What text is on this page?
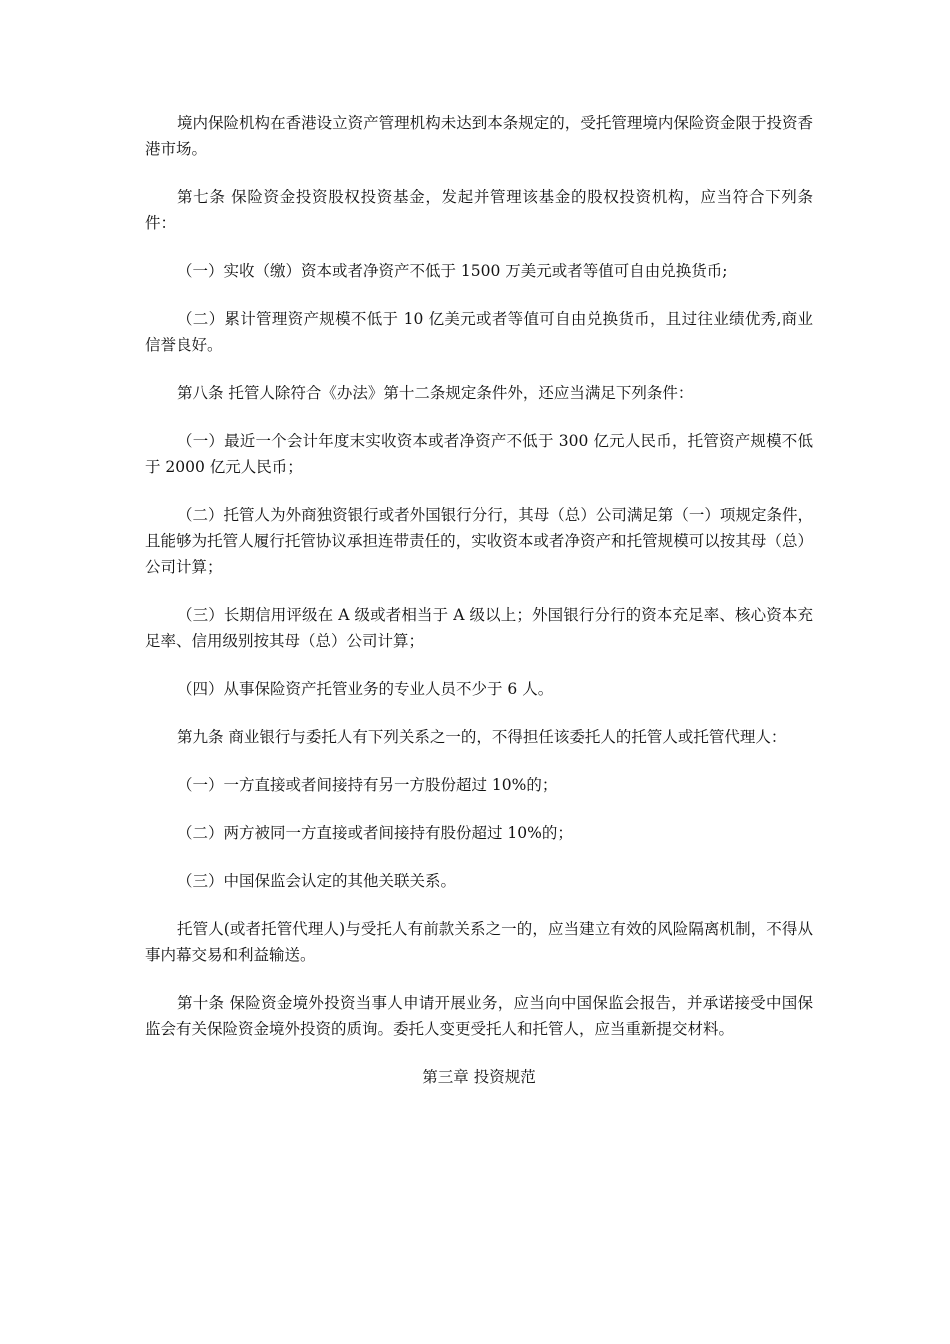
境内保险机构在香港设立资产管理机构未达到本条规定的，受托管理境内保险资金限于投资香港市场。

第七条 保险资金投资股权投资基金，发起并管理该基金的股权投资机构，应当符合下列条件：

（一）实收（缴）资本或者净资产不低于 1500 万美元或者等值可自由兑换货币;

（二）累计管理资产规模不低于 10 亿美元或者等值可自由兑换货币，且过往业绩优秀,商业信誉良好。

第八条 托管人除符合《办法》第十二条规定条件外，还应当满足下列条件：

（一）最近一个会计年度末实收资本或者净资产不低于 300 亿元人民币，托管资产规模不低于 2000 亿元人民币；

（二）托管人为外商独资银行或者外国银行分行，其母（总）公司满足第（一）项规定条件，且能够为托管人履行托管协议承担连带责任的，实收资本或者净资产和托管规模可以按其母（总）公司计算；

（三）长期信用评级在 A 级或者相当于 A 级以上；外国银行分行的资本充足率、核心资本充足率、信用级别按其母（总）公司计算；

（四）从事保险资产托管业务的专业人员不少于 6 人。

第九条 商业银行与委托人有下列关系之一的，不得担任该委托人的托管人或托管代理人：

（一）一方直接或者间接持有另一方股份超过 10%的；

（二）两方被同一方直接或者间接持有股份超过 10%的；

（三）中国保监会认定的其他关联关系。

托管人(或者托管代理人)与受托人有前款关系之一的，应当建立有效的风险隔离机制，不得从事内幕交易和利益输送。

第十条 保险资金境外投资当事人申请开展业务，应当向中国保监会报告，并承诺接受中国保监会有关保险资金境外投资的质询。委托人变更受托人和托管人，应当重新提交材料。

第三章 投资规范
